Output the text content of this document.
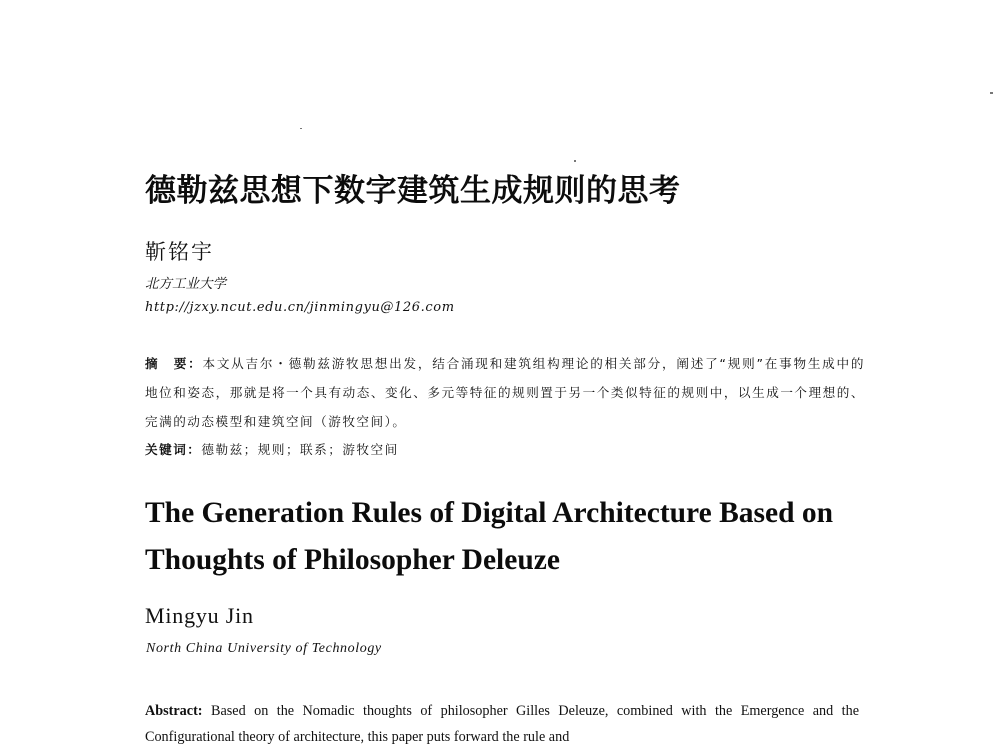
德勒兹思想下数字建筑生成规则的思考
靳铭宇
北方工业大学
http://jzxy.ncut.edu.cn/jinmingyu@126.com
摘　要：本文从吉尔・德勒兹游牧思想出发，结合涌现和建筑组构理论的相关部分，阐述了“规则”在事物生成中的地位和姿态，那就是将一个具有动态、变化、多元等特征的规则置于另一个类似特征的规则中，以生成一个理想的、完满的动态模型和建筑空间（游牧空间）。
关键词：德勒兹；规则；联系；游牧空间
The Generation Rules of Digital Architecture Based on Thoughts of Philosopher Deleuze
Mingyu Jin
North China University of Technology
Abstract: Based on the Nomadic thoughts of philosopher Gilles Deleuze, combined with the Emergence and the Configurational theory of architecture, this paper puts forward the rule and
